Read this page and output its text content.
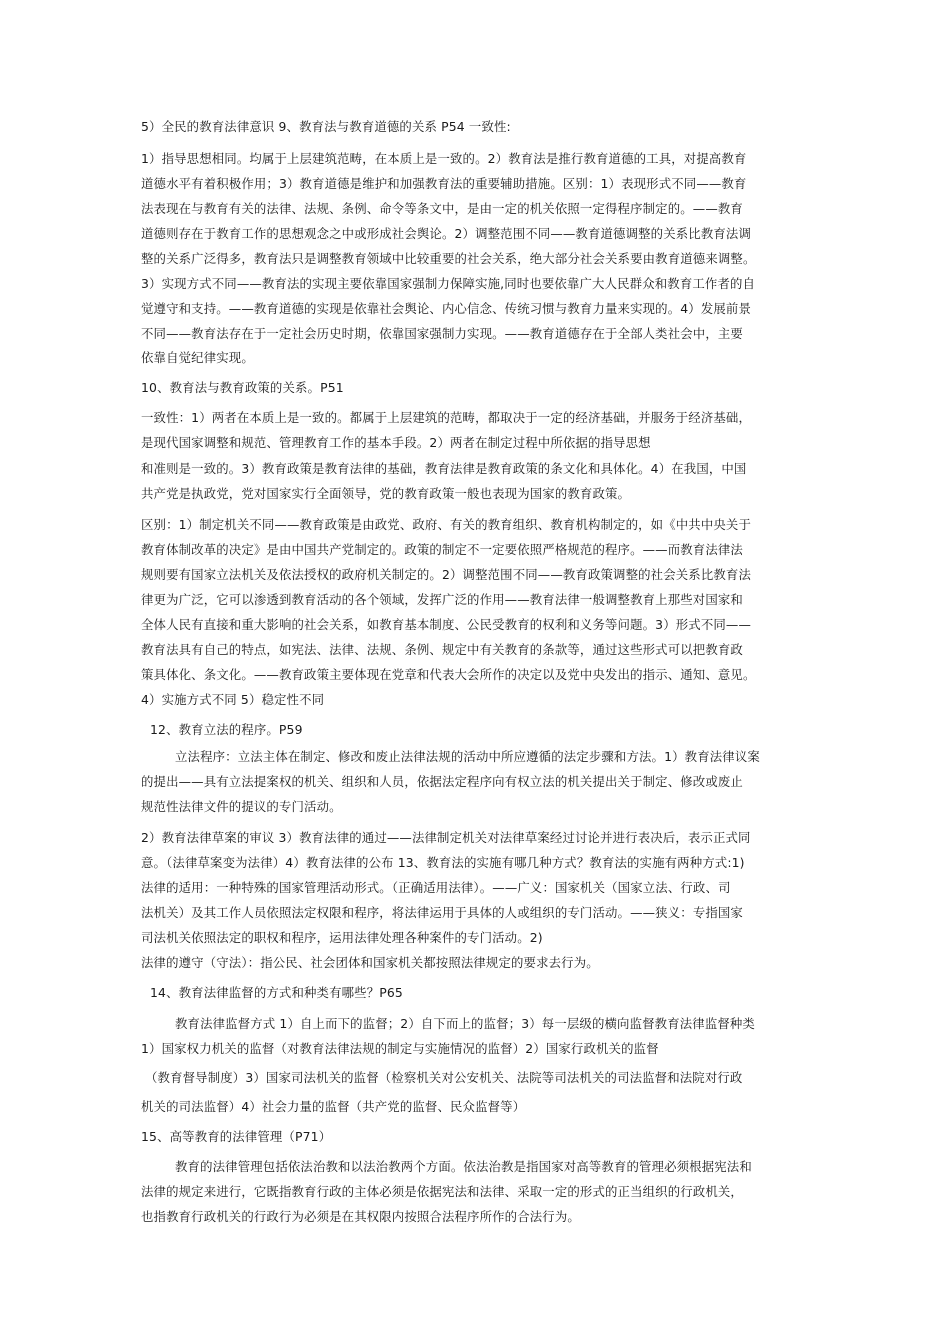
5）全民的教育法律意识 9、教育法与教育道德的关系 P54 一致性:
1）指导思想相同。均属于上层建筑范畴，在本质上是一致的。2）教育法是推行教育道德的工具，对提高教育
道德水平有着积极作用；3）教育道德是维护和加强教育法的重要辅助措施。区别：1）表现形式不同——教育
法表现在与教育有关的法律、法规、条例、命令等条文中，是由一定的机关依照一定得程序制定的。——教育
道德则存在于教育工作的思想观念之中或形成社会舆论。2）调整范围不同——教育道德调整的关系比教育法调
整的关系广泛得多，教育法只是调整教育领域中比较重要的社会关系，绝大部分社会关系要由教育道德来调整。
3）实现方式不同——教育法的实现主要依靠国家强制力保障实施,同时也要依靠广大人民群众和教育工作者的自
觉遵守和支持。——教育道德的实现是依靠社会舆论、内心信念、传统习惯与教育力量来实现的。4）发展前景
不同——教育法存在于一定社会历史时期，依靠国家强制力实现。——教育道德存在于全部人类社会中，主要
依靠自觉纪律实现。
10、教育法与教育政策的关系。P51
一致性：1）两者在本质上是一致的。都属于上层建筑的范畴，都取决于一定的经济基础，并服务于经济基础，
是现代国家调整和规范、管理教育工作的基本手段。2）两者在制定过程中所依据的指导思想
和准则是一致的。3）教育政策是教育法律的基础，教育法律是教育政策的条文化和具体化。4）在我国，中国
共产党是执政党，党对国家实行全面领导，党的教育政策一般也表现为国家的教育政策。
区别：1）制定机关不同——教育政策是由政党、政府、有关的教育组织、教育机构制定的，如《中共中央关于
教育体制改革的决定》是由中国共产党制定的。政策的制定不一定要依照严格规范的程序。——而教育法律法
规则要有国家立法机关及依法授权的政府机关制定的。2）调整范围不同——教育政策调整的社会关系比教育法
律更为广泛，它可以渗透到教育活动的各个领域，发挥广泛的作用——教育法律一般调整教育上那些对国家和
全体人民有直接和重大影响的社会关系，如教育基本制度、公民受教育的权利和义务等问题。3）形式不同——
教育法具有自己的特点，如宪法、法律、法规、条例、规定中有关教育的条款等，通过这些形式可以把教育政
策具体化、条文化。——教育政策主要体现在党章和代表大会所作的决定以及党中央发出的指示、通知、意见。
4）实施方式不同 5）稳定性不同
12、教育立法的程序。P59
立法程序：立法主体在制定、修改和废止法律法规的活动中所应遵循的法定步骤和方法。1）教育法律议案
的提出——具有立法提案权的机关、组织和人员，依据法定程序向有权立法的机关提出关于制定、修改或废止
规范性法律文件的提议的专门活动。
2）教育法律草案的审议 3）教育法律的通过——法律制定机关对法律草案经过讨论并进行表决后，表示正式同
意。（法律草案变为法律）4）教育法律的公布 13、教育法的实施有哪几种方式？教育法的实施有两种方式:1)
法律的适用：一种特殊的国家管理活动形式。（正确适用法律）。——广义：国家机关（国家立法、行政、司
法机关）及其工作人员依照法定权限和程序，将法律运用于具体的人或组织的专门活动。——狭义：专指国家
司法机关依照法定的职权和程序，运用法律处理各种案件的专门活动。2)
法律的遵守（守法）：指公民、社会团体和国家机关都按照法律规定的要求去行为。
14、教育法律监督的方式和种类有哪些？P65
教育法律监督方式 1）自上而下的监督；2）自下而上的监督；3）每一层级的横向监督教育法律监督种类
1）国家权力机关的监督（对教育法律法规的制定与实施情况的监督）2）国家行政机关的监督
（教育督导制度）3）国家司法机关的监督（检察机关对公安机关、法院等司法机关的司法监督和法院对行政
机关的司法监督）4）社会力量的监督（共产党的监督、民众监督等）
15、高等教育的法律管理（P71）
教育的法律管理包括依法治教和以法治教两个方面。依法治教是指国家对高等教育的管理必须根据宪法和
法律的规定来进行，它既指教育行政的主体必须是依据宪法和法律、采取一定的形式的正当组织的行政机关，
也指教育行政机关的行政行为必须是在其权限内按照合法程序所作的合法行为。
